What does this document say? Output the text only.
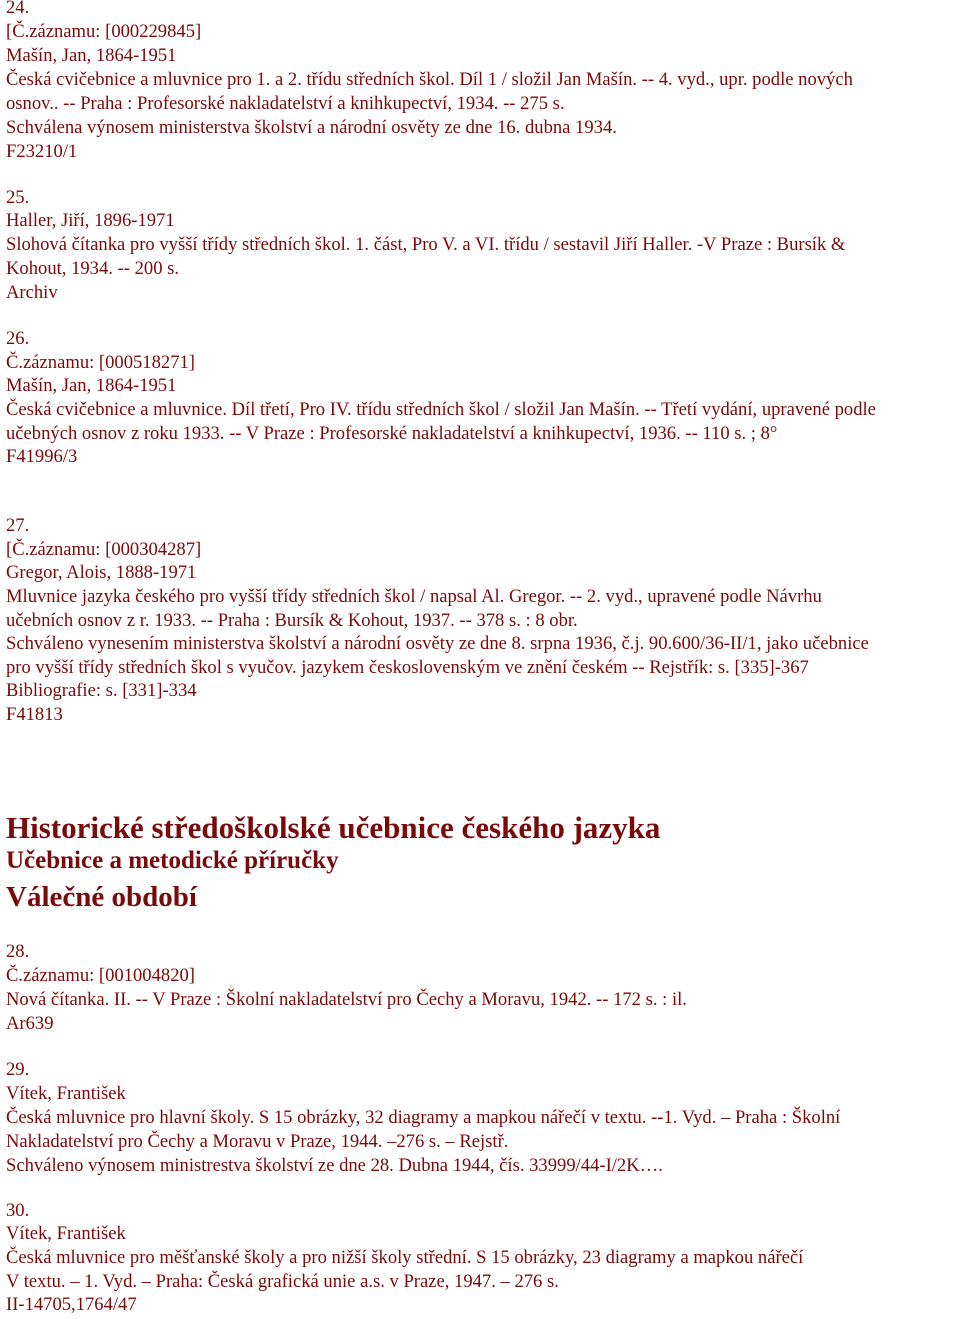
24.

[Č.záznamu: [000229845]

Mašín, Jan, 1864-1951

Česká cvičebnice a mluvnice pro 1. a 2. třídu středních škol. Díl 1 / složil Jan Mašín. -- 4. vyd., upr. podle nových

osnov.. -- Praha : Profesorské nakladatelství a knihkupectví, 1934. -- 275 s.

Schválena výnosem ministerstva školství a národní osvěty ze dne 16. dubna 1934.

F23210/1

25.

Haller, Jiří, 1896-1971

Slohová čítanka pro vyšší třídy středních škol. 1. část, Pro V. a VI. třídu / sestavil Jiří Haller. -V Praze : Bursík &

Kohout, 1934. -- 200 s.

Archiv

26.

Č.záznamu: [000518271]

Mašín, Jan, 1864-1951

Česká cvičebnice a mluvnice. Díl třetí, Pro IV. třídu středních škol / složil Jan Mašín. -- Třetí vydání, upravené podle

učebných osnov z roku 1933. -- V Praze : Profesorské nakladatelství a knihkupectví, 1936. -- 110 s. ; 8°

F41996/3

27.

[Č.záznamu: [000304287]

Gregor, Alois, 1888-1971

Mluvnice jazyka českého pro vyšší třídy středních škol / napsal Al. Gregor. -- 2. vyd., upravené podle Návrhu

učebních osnov z r. 1933. -- Praha : Bursík & Kohout, 1937. -- 378 s. : 8 obr.

Schváleno vynesením ministerstva školství a národní osvěty ze dne 8. srpna 1936, č.j. 90.600/36-II/1, jako učebnice

pro vyšší třídy středních škol s vyučov. jazykem československým ve znění českém -- Rejstřík: s. [335]-367

Bibliografie: s. [331]-334

F41813

Historické středoškolské učebnice českého jazyka
Učebnice a metodické příručky
Válečné období

28.

Č.záznamu: [001004820]

Nová čítanka. II. -- V Praze : Školní nakladatelství pro Čechy a Moravu, 1942. -- 172 s. : il.

Ar639

29.

Vítek, František

Česká mluvnice pro hlavní školy. S 15 obrázky, 32 diagramy a mapkou nářečí v textu. --1. Vyd. – Praha : Školní

Nakladatelství pro Čechy a Moravu v Praze, 1944. –276 s. – Rejstř.

Schváleno výnosem ministrestva školství ze dne 28. Dubna 1944, čís. 33999/44-I/2K….

30.

Vítek, František

Česká mluvnice pro měšťanské školy a pro nižší školy střední. S 15 obrázky, 23 diagramy a mapkou nářečí

V textu. – 1. Vyd. – Praha: Česká grafická unie a.s. v Praze, 1947. – 276 s.

II-14705,1764/47
